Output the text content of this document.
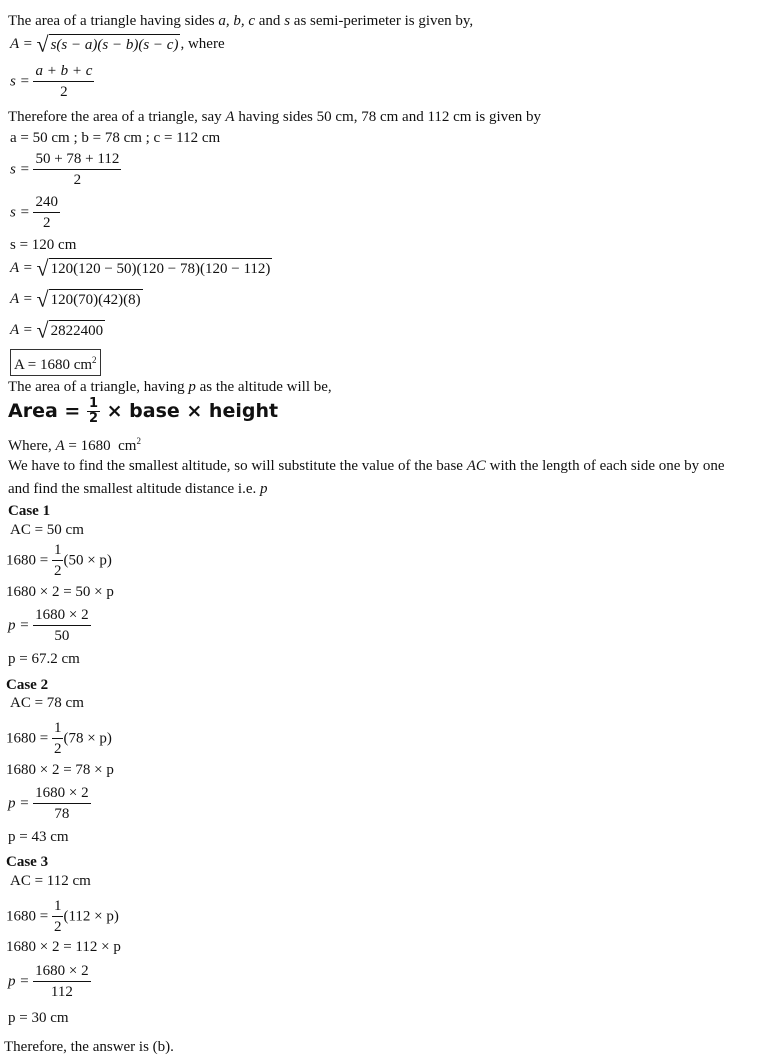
The area of a triangle having sides a, b, c and s as semi-perimeter is given by,
A = √ s(s − a)(s − b)(s − c) , where
$s = \frac{a + b + c}{2}$
Therefore the area of a triangle, say A having sides 50 cm, 78 cm and 112 cm is given by
a = 50 cm ; b = 78 cm ; c = 112 cm
$s = \frac{50 + 78 + 112}{2}$
$s = \frac{240}{2}$
s = 120 cm
A = √ 120(120 − 50)(120 − 78)(120 − 112)
A = √ 120(70)(42)(8)
A = √ 2822400
A = 1680 $cm^2$
The area of a triangle, having p as the altitude will be,
Area = $\frac{1}{2}$ × base × height
Where, A = 1680 $cm^2$
We have to find the smallest altitude, so will substitute the value of the base AC with the length of each side one by one
and find the smallest altitude distance i.e. p
Case 1
AC = 50 cm
$1680 = \frac{1}{2} (50 \times p)$
1680 × 2 = 50 × p
$p = \frac{1680 \times 2}{50}$
p = 67.2 cm
Case 2
AC = 78 cm
$1680 = \frac{1}{2} (78 \times p)$
1680 × 2 = 78 × p
$p = \frac{1680 \times 2}{78}$
p = 43 cm
Case 3
AC = 112 cm
$1680 = \frac{1}{2} (112 \times p)$
1680 × 2 = 112 × p
$p = \frac{1680 \times 2}{112}$
p = 30 cm
Therefore, the answer is (b).
